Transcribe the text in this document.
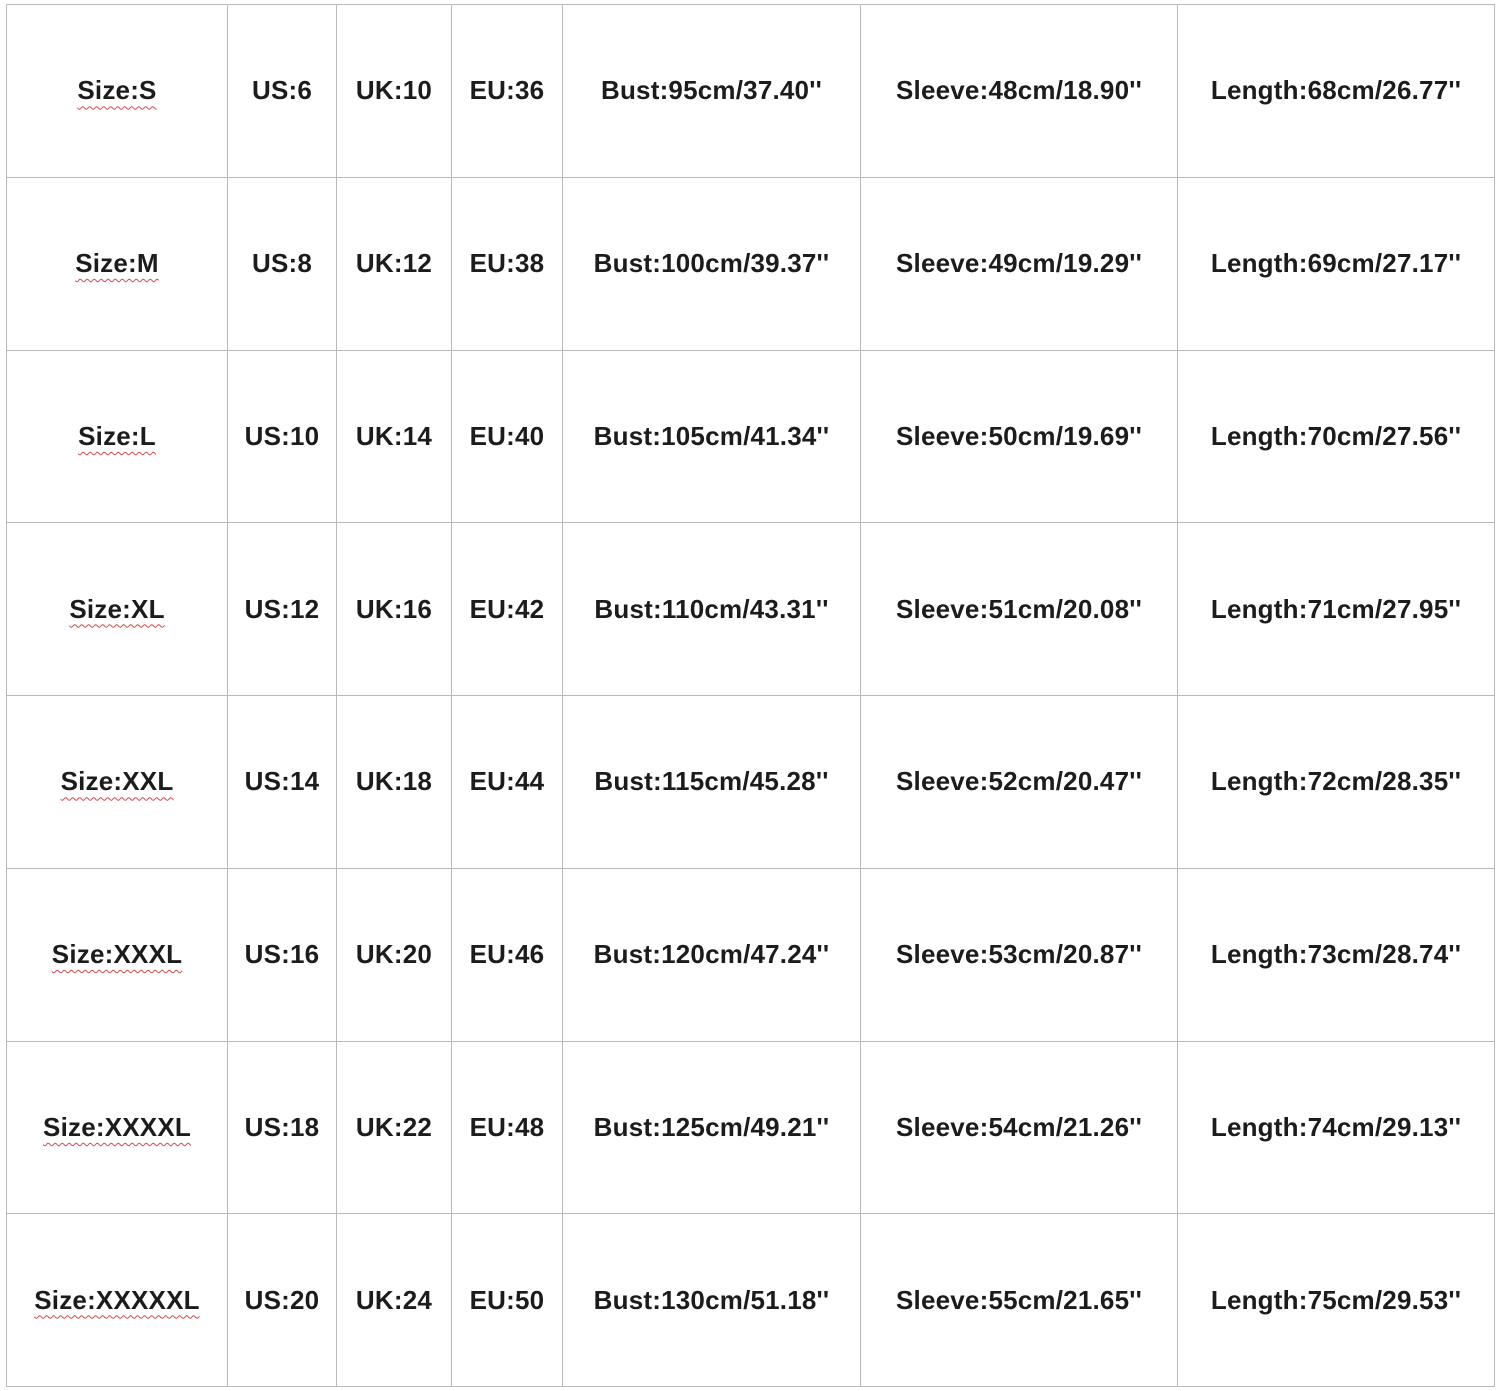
Size:S	US:6	UK:10	EU:36	Bust:95cm/37.40''	Sleeve:48cm/18.90''	Length:68cm/26.77''
Size:M	US:8	UK:12	EU:38	Bust:100cm/39.37''	Sleeve:49cm/19.29''	Length:69cm/27.17''
Size:L	US:10	UK:14	EU:40	Bust:105cm/41.34''	Sleeve:50cm/19.69''	Length:70cm/27.56''
Size:XL	US:12	UK:16	EU:42	Bust:110cm/43.31''	Sleeve:51cm/20.08''	Length:71cm/27.95''
Size:XXL	US:14	UK:18	EU:44	Bust:115cm/45.28''	Sleeve:52cm/20.47''	Length:72cm/28.35''
Size:XXXL	US:16	UK:20	EU:46	Bust:120cm/47.24''	Sleeve:53cm/20.87''	Length:73cm/28.74''
Size:XXXXL	US:18	UK:22	EU:48	Bust:125cm/49.21''	Sleeve:54cm/21.26''	Length:74cm/29.13''
Size:XXXXXL	US:20	UK:24	EU:50	Bust:130cm/51.18''	Sleeve:55cm/21.65''	Length:75cm/29.53''
